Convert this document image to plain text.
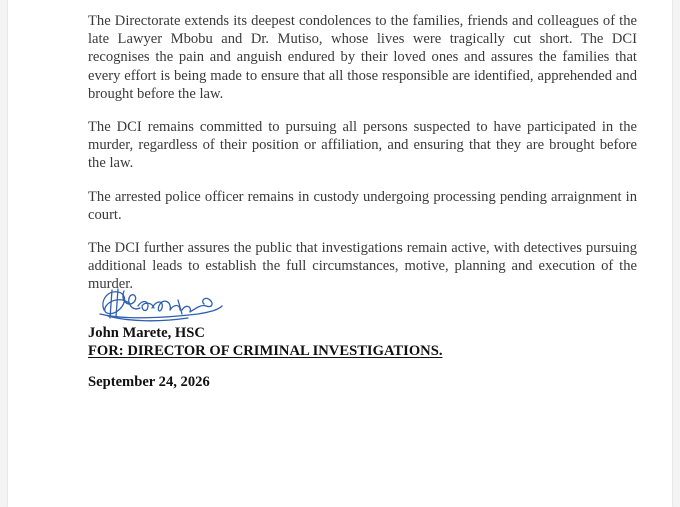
The Directorate extends its deepest condolences to the families, friends and colleagues of the late Lawyer Mbobu and Dr. Mutiso, whose lives were tragically cut short. The DCI recognises the pain and anguish endured by their loved ones and assures the families that every effort is being made to ensure that all those responsible are identified, apprehended and brought before the law.

The DCI remains committed to pursuing all persons suspected to have participated in the murder, regardless of their position or affiliation, and ensuring that they are brought before the law.

The arrested police officer remains in custody undergoing processing pending arraignment in court.

The DCI further assures the public that investigations remain active, with detectives pursuing additional leads to establish the full circumstances, motive, planning and execution of the murder.

John Marete, HSC
FOR: DIRECTOR OF CRIMINAL INVESTIGATIONS.
September 24, 2026
